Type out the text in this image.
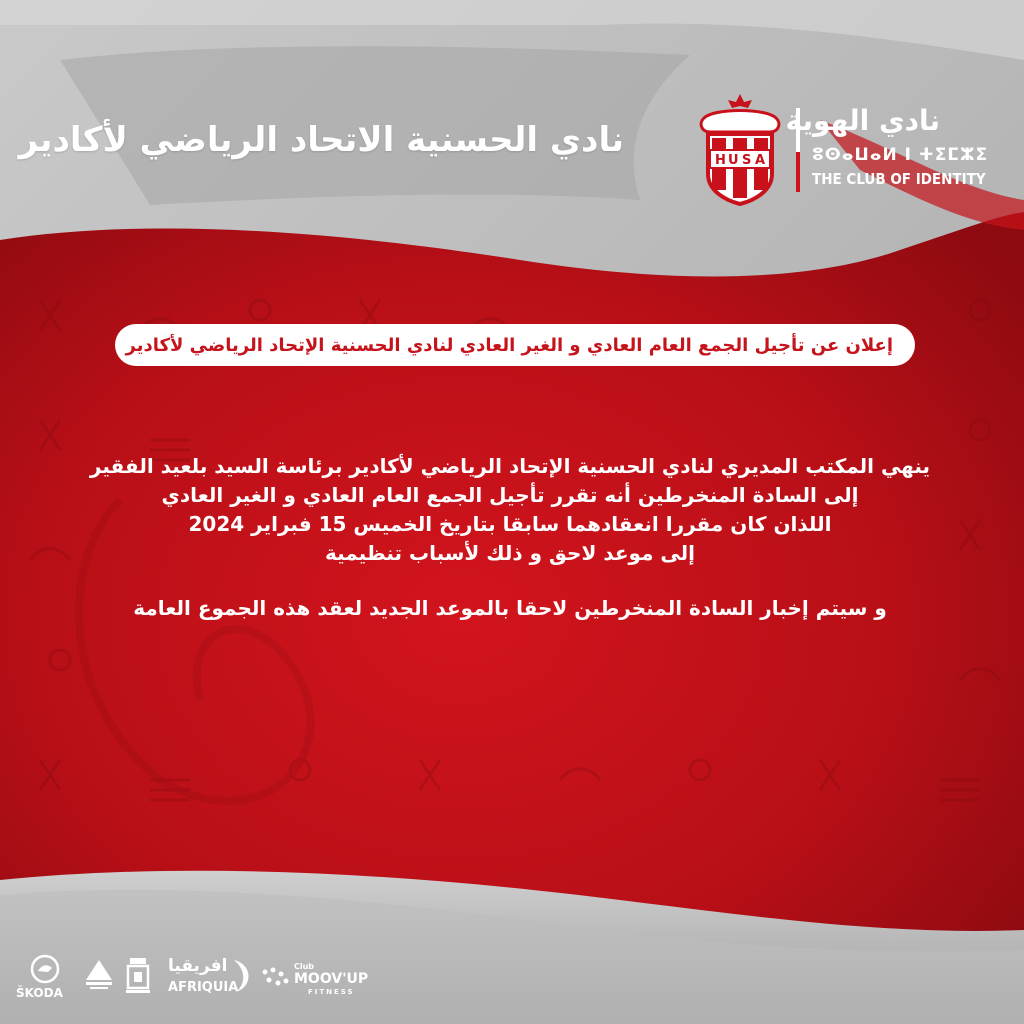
نادي الحسنية الاتحاد الرياضي لأكادير
H U S A
نادي الهوية
ⵓⵙⴰⵡⴰⵍ ⵏ ⵜⵉⵎⵣⵉ
THE CLUB OF IDENTITY
إعلان عن تأجيل الجمع العام العادي و الغير العادي لنادي الحسنية الإتحاد الرياضي لأكادير

ينهي المكتب المديري لنادي الحسنية الإتحاد الرياضي لأكادير برئاسة السيد بلعيد الفقير

إلى السادة المنخرطين أنه تقرر تأجيل الجمع العام العادي و الغير العادي

اللذان كان مقررا انعقادهما سابقا بتاريخ الخميس 15 فبراير 2024

إلى موعد لاحق و ذلك لأسباب تنظيمية

و سيتم إخبار السادة المنخرطين لاحقا بالموعد الجديد لعقد هذه الجموع العامة

ŠKODA
افريقيا
AFRIQUIA
Club
MOOV'UP
FITNESS
